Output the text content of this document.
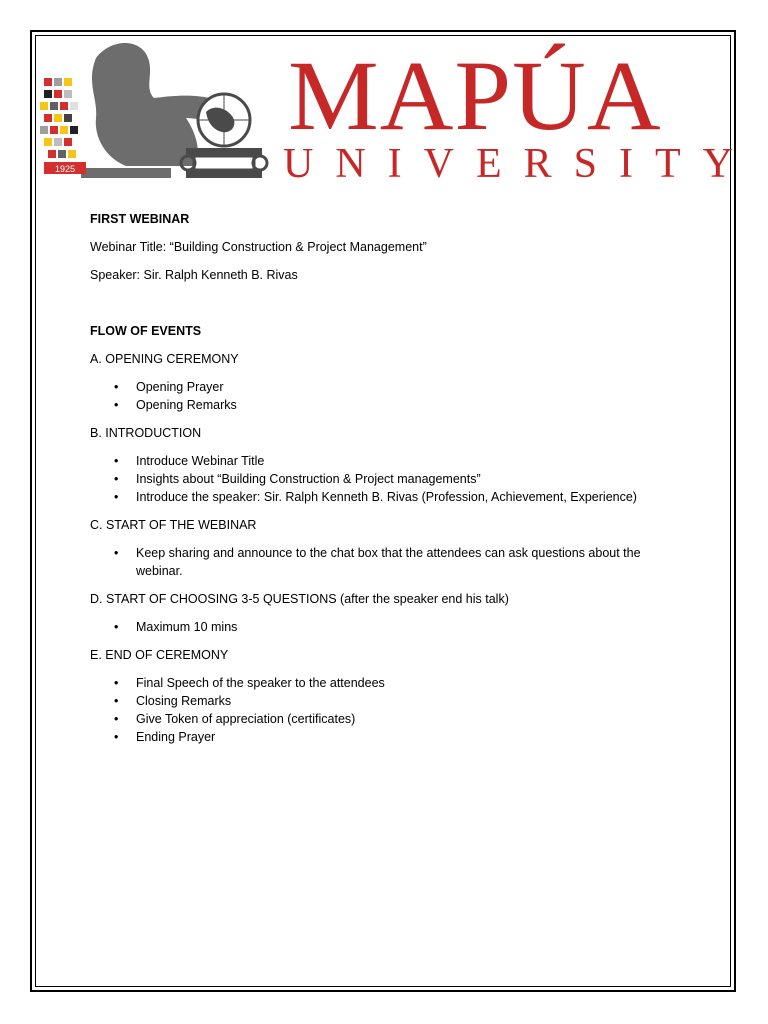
1925
MAPÚA
UNIVERSITY

FIRST WEBINAR

Webinar Title: “Building Construction & Project Management”

Speaker: Sir. Ralph Kenneth B. Rivas

FLOW OF EVENTS

A. OPENING CEREMONY

• Opening Prayer
• Opening Remarks

B. INTRODUCTION

• Introduce Webinar Title
• Insights about “Building Construction & Project managements”
• Introduce the speaker: Sir. Ralph Kenneth B. Rivas (Profession, Achievement, Experience)

C. START OF THE WEBINAR

• Keep sharing and announce to the chat box that the attendees can ask questions about the webinar.

D. START OF CHOOSING 3-5 QUESTIONS (after the speaker end his talk)

• Maximum 10 mins

E. END OF CEREMONY

• Final Speech of the speaker to the attendees
• Closing Remarks
• Give Token of appreciation (certificates)
• Ending Prayer
